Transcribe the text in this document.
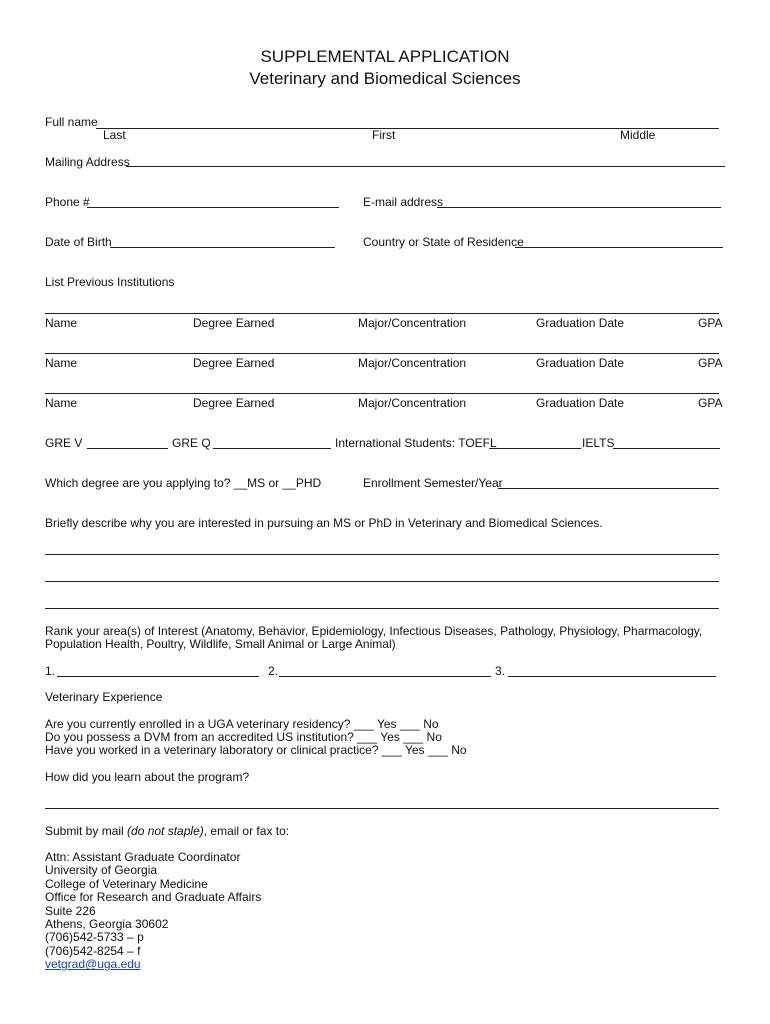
SUPPLEMENTAL APPLICATION
Veterinary and Biomedical Sciences
Full name
Last	First	Middle
Mailing Address
Phone #	E-mail address
Date of Birth	Country or State of Residence
List Previous Institutions
Name	Degree Earned	Major/Concentration	Graduation Date	GPA
Name	Degree Earned	Major/Concentration	Graduation Date	GPA
Name	Degree Earned	Major/Concentration	Graduation Date	GPA
GRE V	GRE Q	International Students: TOEFL	IELTS
Which degree are you applying to? __MS or __PHD	Enrollment Semester/Year
Briefly describe why you are interested in pursuing an MS or PhD in Veterinary and Biomedical Sciences.
Rank your area(s) of Interest (Anatomy, Behavior, Epidemiology, Infectious Diseases, Pathology, Physiology, Pharmacology,
Population Health, Poultry, Wildlife, Small Animal or Large Animal)
1.	2.	3.
Veterinary Experience
Are you currently enrolled in a UGA veterinary residency? ___ Yes ___ No
Do you possess a DVM from an accredited US institution? ___ Yes ___ No
Have you worked in a veterinary laboratory or clinical practice? ___ Yes ___ No
How did you learn about the program?
Submit by mail (do not staple), email or fax to:
Attn: Assistant Graduate Coordinator
University of Georgia
College of Veterinary Medicine
Office for Research and Graduate Affairs
Suite 226
Athens, Georgia 30602
(706)542-5733 – p
(706)542-8254 – f
vetgrad@uga.edu
